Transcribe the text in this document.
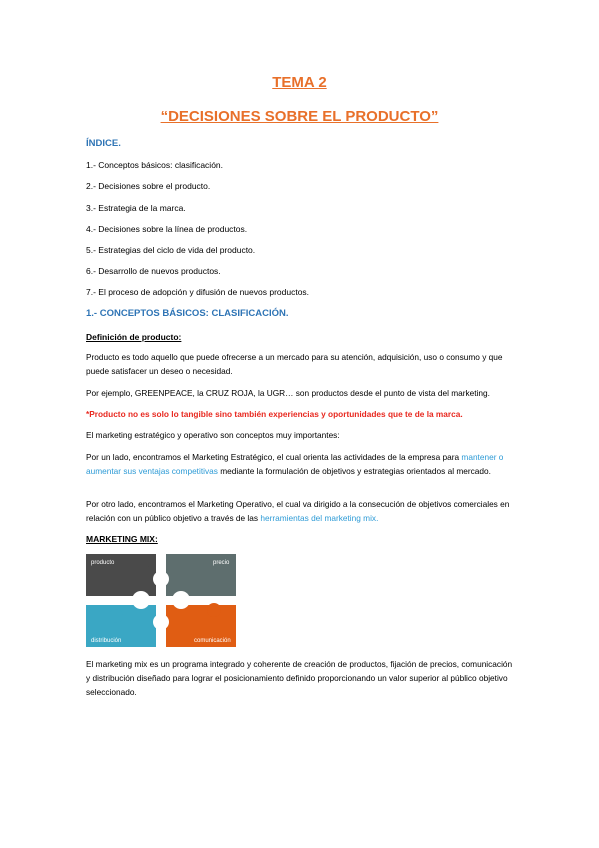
TEMA 2
“DECISIONES SOBRE EL PRODUCTO”
ÍNDICE.
1.- Conceptos básicos: clasificación.
2.- Decisiones sobre el producto.
3.- Estrategia de la marca.
4.- Decisiones sobre la línea de productos.
5.- Estrategias del ciclo de vida del producto.
6.- Desarrollo de nuevos productos.
7.- El proceso de adopción y difusión de nuevos productos.
1.- CONCEPTOS BÁSICOS: CLASIFICACIÓN.
Definición de producto:
Producto es todo aquello que puede ofrecerse a un mercado para su atención, adquisición, uso o consumo y que puede satisfacer un deseo o necesidad.
Por ejemplo, GREENPEACE, la CRUZ ROJA, la UGR… son productos desde el punto de vista del marketing.
*Producto no es solo lo tangible sino también experiencias y oportunidades que te de la marca.
El marketing estratégico y operativo son conceptos muy importantes:
Por un lado, encontramos el Marketing Estratégico, el cual orienta las actividades de la empresa para mantener o aumentar sus ventajas competitivas mediante la formulación de objetivos y estrategias orientados al mercado.
Por otro lado, encontramos el Marketing Operativo, el cual va dirigido a la consecución de objetivos comerciales en relación con un público objetivo a través de las herramientas del marketing mix.
MARKETING MIX:
producto	precio
distribución	comunicación
El marketing mix es un programa integrado y coherente de creación de productos, fijación de precios, comunicación y distribución diseñado para lograr el posicionamiento definido proporcionando un valor superior al público objetivo seleccionado.
